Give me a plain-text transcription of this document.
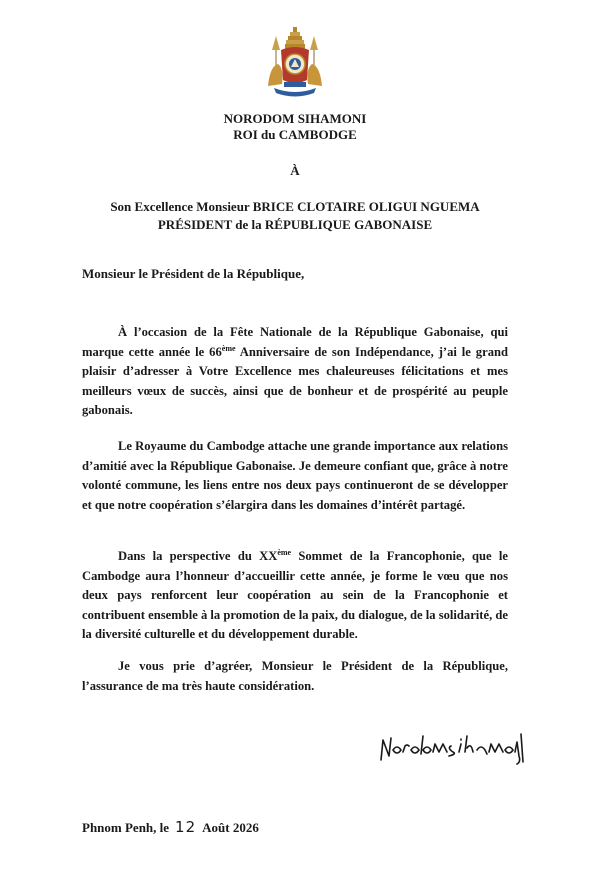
NORODOM SIHAMONI
ROI du CAMBODGE
À
Son Excellence Monsieur BRICE CLOTAIRE OLIGUI NGUEMA
PRÉSIDENT de la RÉPUBLIQUE GABONAISE
Monsieur le Président de la République,
À l’occasion de la Fête Nationale de la République Gabonaise, qui marque cette année le 66ème Anniversaire de son Indépendance, j’ai le grand plaisir d’adresser à Votre Excellence mes chaleureuses félicitations et mes meilleurs vœux de succès, ainsi que de bonheur et de prospérité au peuple gabonais.
Le Royaume du Cambodge attache une grande importance aux relations d’amitié avec la République Gabonaise. Je demeure confiant que, grâce à notre volonté commune, les liens entre nos deux pays continueront de se développer et que notre coopération s’élargira dans les domaines d’intérêt partagé.
Dans la perspective du XXème Sommet de la Francophonie, que le Cambodge aura l’honneur d’accueillir cette année, je forme le vœu que nos deux pays renforcent leur coopération au sein de la Francophonie et contribuent ensemble à la promotion de la paix, du dialogue, de la solidarité, de la diversité culturelle et du développement durable.
Je vous prie d’agréer, Monsieur le Président de la République, l’assurance de ma très haute considération.
Phnom Penh, le 12 Août 2026
